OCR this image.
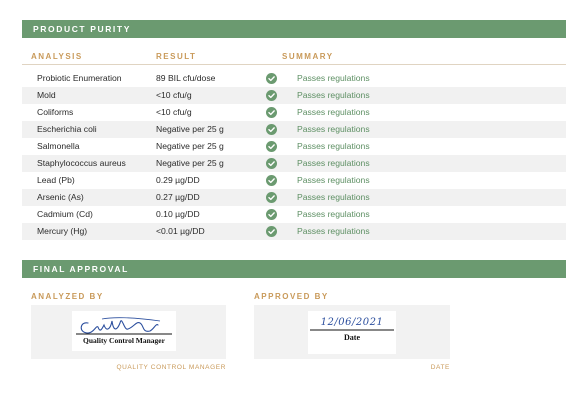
PRODUCT PURITY
ANALYSIS	RESULT	SUMMARY
Probiotic Enumeration	89 BIL cfu/dose	Passes regulations
Mold	<10 cfu/g	Passes regulations
Coliforms	<10 cfu/g	Passes regulations
Escherichia coli	Negative per 25 g	Passes regulations
Salmonella	Negative per 25 g	Passes regulations
Staphylococcus aureus	Negative per 25 g	Passes regulations
Lead (Pb)	0.29 µg/DD	Passes regulations
Arsenic (As)	0.27 µg/DD	Passes regulations
Cadmium (Cd)	0.10 µg/DD	Passes regulations
Mercury (Hg)	<0.01 µg/DD	Passes regulations
FINAL APPROVAL
ANALYZED BY	APPROVED BY
Quality Control Manager
12/06/2021
Date
QUALITY CONTROL MANAGER	DATE
